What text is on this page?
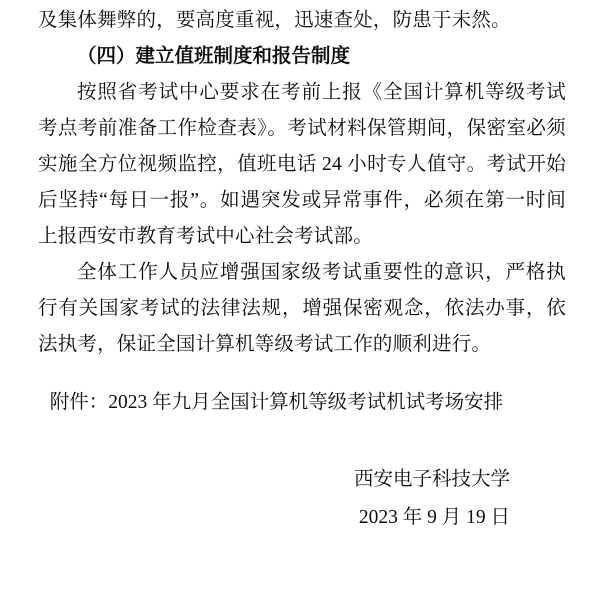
及集体舞弊的，要高度重视，迅速查处，防患于未然。

（四）建立值班制度和报告制度

按照省考试中心要求在考前上报《全国计算机等级考试考点考前准备工作检查表》。考试材料保管期间，保密室必须实施全方位视频监控，值班电话 24 小时专人值守。考试开始后坚持“每日一报”。如遇突发或异常事件，必须在第一时间上报西安市教育考试中心社会考试部。

全体工作人员应增强国家级考试重要性的意识，严格执行有关国家考试的法律法规，增强保密观念，依法办事，依法执考，保证全国计算机等级考试工作的顺利进行。

附件：2023 年九月全国计算机等级考试机试考场安排

西安电子科技大学

2023 年 9 月 19 日
